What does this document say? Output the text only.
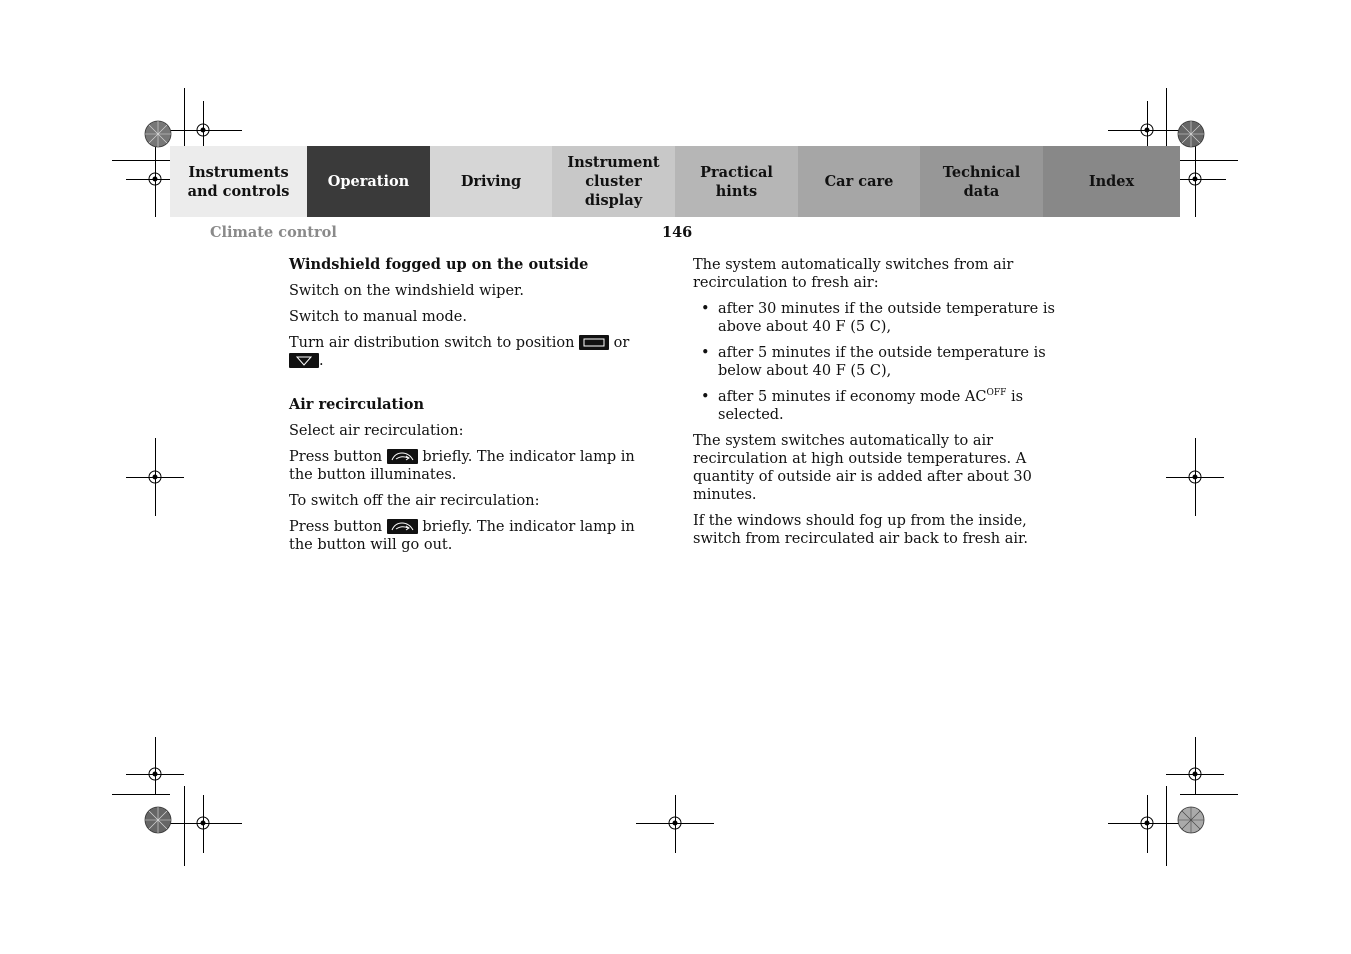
Instruments
and controls
Operation	Driving
Instrument
cluster display
Practical hints
Car care
Technical
data
Index
Climate control	146

Windshield fogged up on the outside

Switch on the windshield wiper.

Switch to manual mode.

Turn air distribution switch to position	or .

Air recirculation

Select air recirculation:

Press button	briefly. The indicator lamp in the button illuminates.

To switch off the air recirculation:

Press button	briefly. The indicator lamp in the button will go out.

The system automatically switches from air recirculation to fresh air:

• after 30 minutes if the outside temperature is above about 40 F (5 C),
• after 5 minutes if the outside temperature is below about 40 F (5 C),
• after 5 minutes if economy mode $AC^{OFF}$ is selected.

The system switches automatically to air recirculation at high outside temperatures. A quantity of outside air is added after about 30 minutes.

If the windows should fog up from the inside, switch from recirculated air back to fresh air.
